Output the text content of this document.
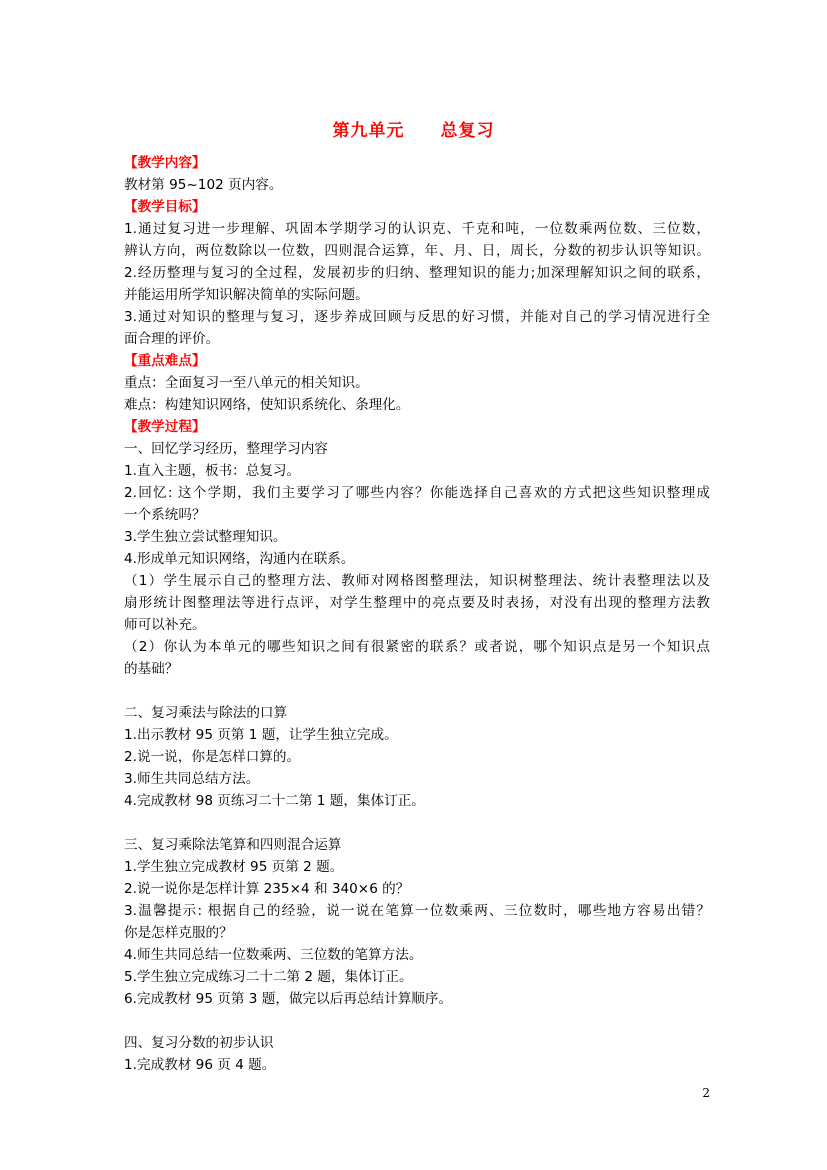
第九单元　　总复习

【教学内容】

教材第 95~102 页内容。

【教学目标】

1.通过复习进一步理解、巩固本学期学习的认识克、千克和吨，一位数乘两位数、三位数，

辨认方向，两位数除以一位数，四则混合运算，年、月、日，周长，分数的初步认识等知识。

2.经历整理与复习的全过程，发展初步的归纳、整理知识的能力;加深理解知识之间的联系，

并能运用所学知识解决简单的实际问题。

3.通过对知识的整理与复习，逐步养成回顾与反思的好习惯，并能对自己的学习情况进行全

面合理的评价。

【重点难点】

重点：全面复习一至八单元的相关知识。

难点：构建知识网络，使知识系统化、条理化。

【教学过程】

一、回忆学习经历，整理学习内容

1.直入主题，板书：总复习。

2.回忆: 这个学期，我们主要学习了哪些内容？你能选择自己喜欢的方式把这些知识整理成

一个系统吗？

3.学生独立尝试整理知识。

4.形成单元知识网络，沟通内在联系。

（1）学生展示自己的整理方法、教师对网格图整理法，知识树整理法、统计表整理法以及

扇形统计图整理法等进行点评，对学生整理中的亮点要及时表扬，对没有出现的整理方法教

师可以补充。

（2）你认为本单元的哪些知识之间有很紧密的联系？或者说，哪个知识点是另一个知识点

的基础？

二、复习乘法与除法的口算

1.出示教材 95 页第 1 题，让学生独立完成。

2.说一说，你是怎样口算的。

3.师生共同总结方法。

4.完成教材 98 页练习二十二第 1 题，集体订正。

三、复习乘除法笔算和四则混合运算

1.学生独立完成教材 95 页第 2 题。

2.说一说你是怎样计算 235×4 和 340×6 的？

3.温馨提示: 根据自己的经验，说一说在笔算一位数乘两、三位数时，哪些地方容易出错？

你是怎样克服的？

4.师生共同总结一位数乘两、三位数的笔算方法。

5.学生独立完成练习二十二第 2 题，集体订正。

6.完成教材 95 页第 3 题，做完以后再总结计算顺序。

四、复习分数的初步认识

1.完成教材 96 页 4 题。

2
